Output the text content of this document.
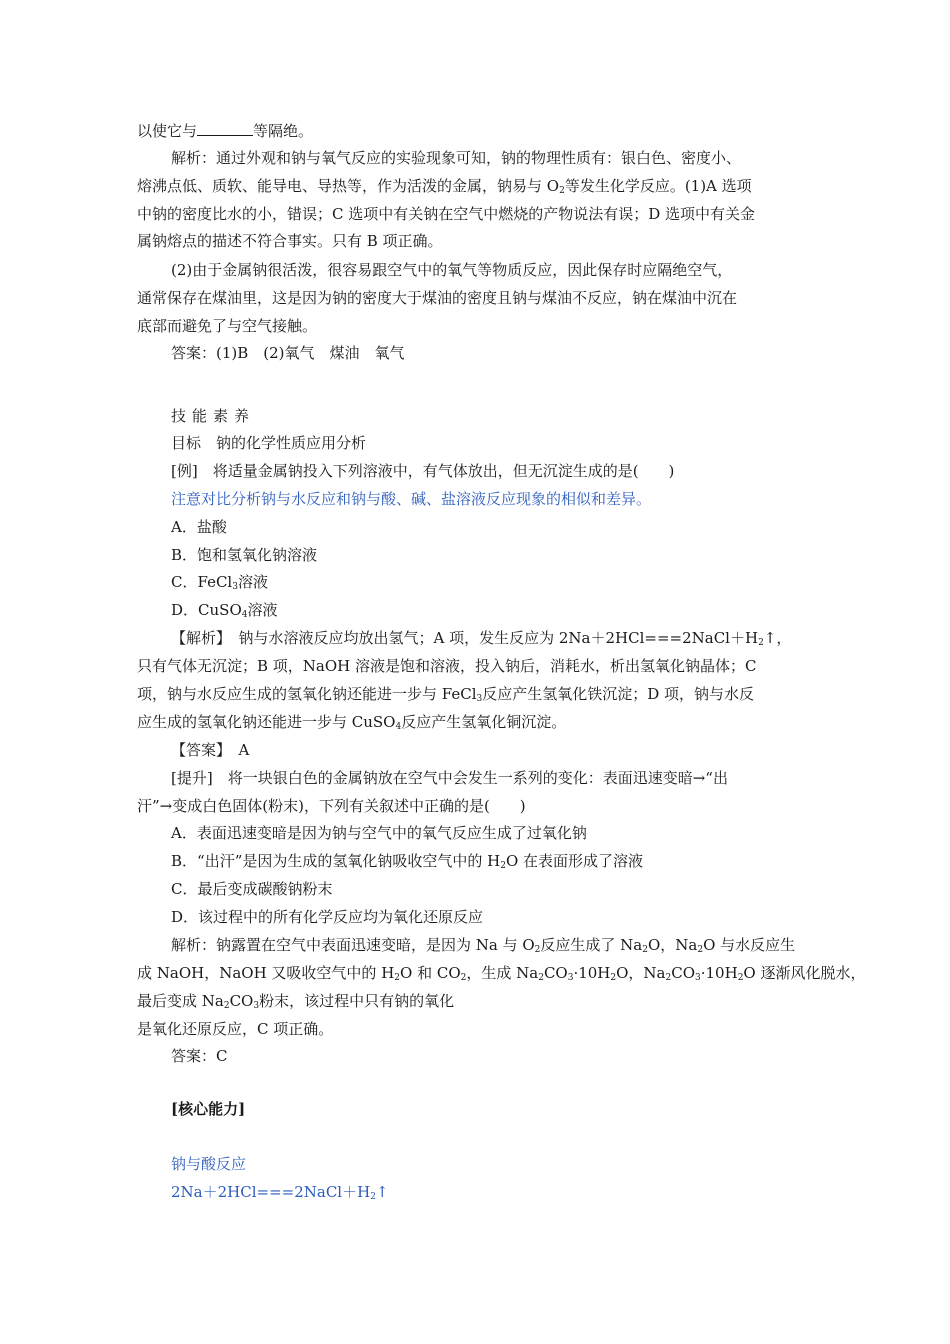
以使它与	等隔绝。
解析：通过外观和钠与氧气反应的实验现象可知，钠的物理性质有：银白色、密度小、
熔沸点低、质软、能导电、导热等，作为活泼的金属，钠易与 $O_2$等发生化学反应。(1)A 选项
中钠的密度比水的小，错误；C 选项中有关钠在空气中燃烧的产物说法有误；D 选项中有关金
属钠熔点的描述不符合事实。只有 B 项正确。
(2)由于金属钠很活泼，很容易跟空气中的氧气等物质反应，因此保存时应隔绝空气，
通常保存在煤油里，这是因为钠的密度大于煤油的密度且钠与煤油不反应，钠在煤油中沉在
底部而避免了与空气接触。
答案：(1)B　(2)氧气　煤油　氧气
技能素养
目标　钠的化学性质应用分析
[例]　将适量金属钠投入下列溶液中，有气体放出，但无沉淀生成的是(　　)
注意对比分析钠与水反应和钠与酸、碱、盐溶液反应现象的相似和差异。
A．盐酸
B．饱和氢氧化钠溶液
C．FeCl$_3$溶液
D．CuSO$_4$溶液
【解析】　钠与水溶液反应均放出氢气；A 项，发生反应为 $2Na+2HCl===2NaCl+H_2↑$，
只有气体无沉淀；B 项，NaOH 溶液是饱和溶液，投入钠后，消耗水，析出氢氧化钠晶体；C
项，钠与水反应生成的氢氧化钠还能进一步与 FeCl$_3$反应产生氢氧化铁沉淀；D 项，钠与水反
应生成的氢氧化钠还能进一步与 CuSO$_4$反应产生氢氧化铜沉淀。
【答案】　A
[提升]　将一块银白色的金属钠放在空气中会发生一系列的变化：表面迅速变暗→“出
汗”→变成白色固体(粉末)，下列有关叙述中正确的是(　　)
A．表面迅速变暗是因为钠与空气中的氧气反应生成了过氧化钠
B．“出汗”是因为生成的氢氧化钠吸收空气中的 $H_2O$ 在表面形成了溶液
C．最后变成碳酸钠粉末
D．该过程中的所有化学反应均为氧化还原反应
解析：钠露置在空气中表面迅速变暗，是因为 Na 与 $O_2$反应生成了 $Na_2O$，$Na_2O$ 与水反应生
成 NaOH，NaOH 又吸收空气中的 $H_2O$ 和 $CO_2$，生成 $Na_2CO_3\cdot 10H_2O$，$Na_2CO_3\cdot 10H_2O$ 逐渐风化脱水，
最后变成 $Na_2CO_3$粉末，该过程中只有钠的氧化
是氧化还原反应，C 项正确。
答案：C
[核心能力]
钠与酸反应
$2Na+2HCl===2NaCl+H_2↑$
